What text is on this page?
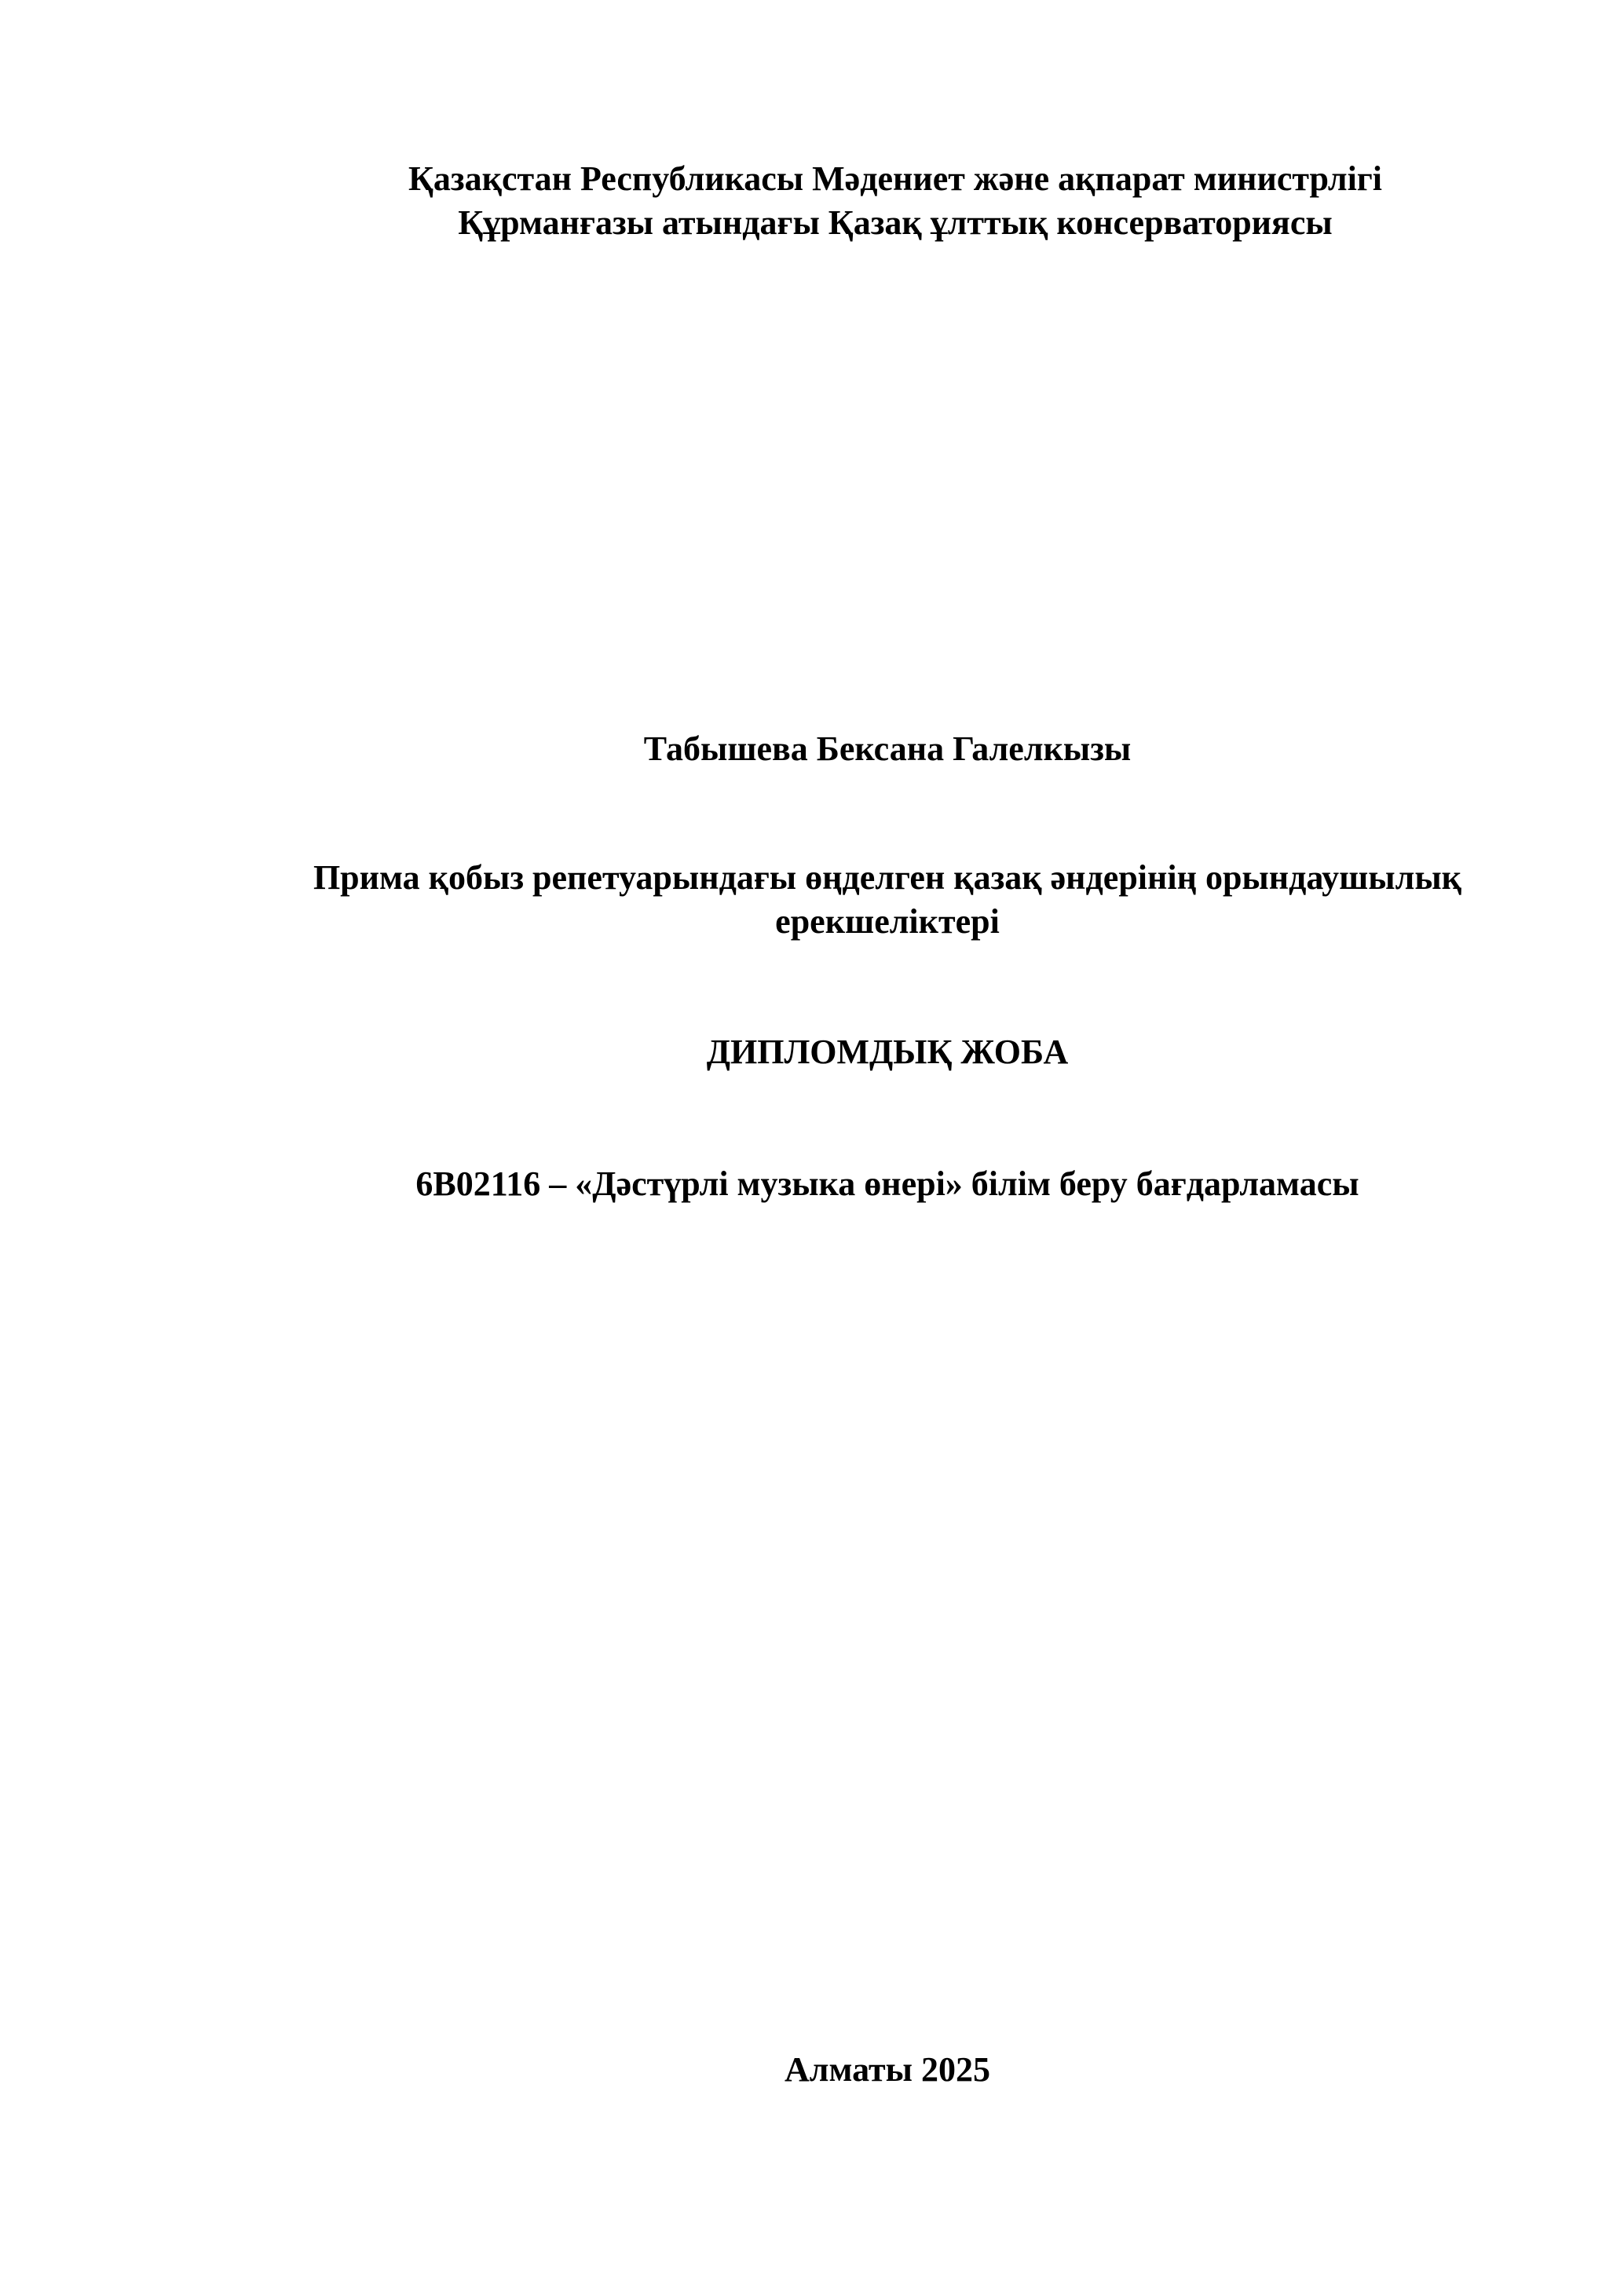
Қазақстан Республикасы Мәдениет және ақпарат министрлігі

Құрманғазы атындағы Қазақ ұлттық консерваториясы

Табышева Бексана Галелкызы

Прима қобыз репетуарындағы өңделген қазақ әндерінің орындаушылық

ерекшеліктері

ДИПЛОМДЫҚ ЖОБА

6В02116 – «Дәстүрлі музыка өнері» білім беру бағдарламасы

Алматы 2025
